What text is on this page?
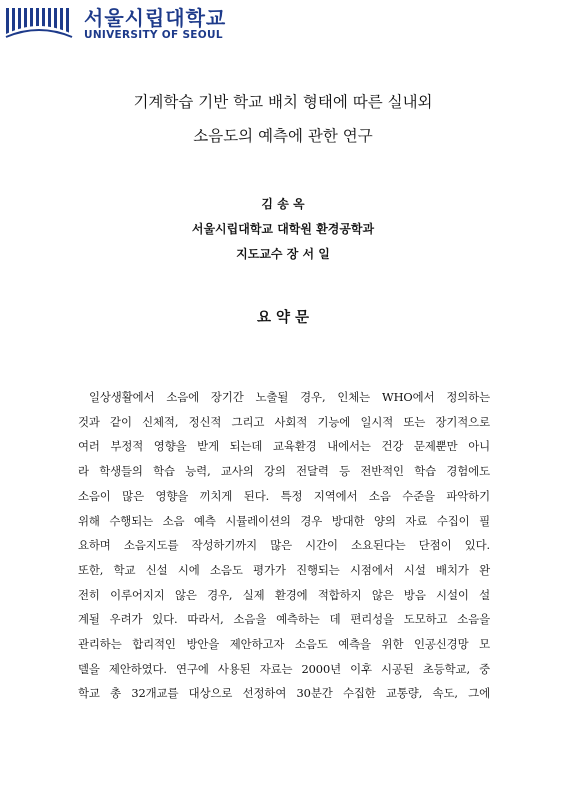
서울시립대학교
UNIVERSITY OF SEOUL
기계학습 기반 학교 배치 형태에 따른 실내외
소음도의 예측에 관한 연구
김 송 옥
서울시립대학교 대학원 환경공학과
지도교수 장 서 일
요 약 문
일상생활에서 소음에 장기간 노출될 경우, 인체는 WHO에서 정의하는
것과 같이 신체적, 정신적 그리고 사회적 기능에 일시적 또는 장기적으로
여러 부정적 영향을 받게 되는데 교육환경 내에서는 건강 문제뿐만 아니
라 학생들의 학습 능력, 교사의 강의 전달력 등 전반적인 학습 경험에도
소음이 많은 영향을 끼치게 된다. 특정 지역에서 소음 수준을 파악하기
위해 수행되는 소음 예측 시뮬레이션의 경우 방대한 양의 자료 수집이 필
요하며 소음지도를 작성하기까지 많은 시간이 소요된다는 단점이 있다.
또한, 학교 신설 시에 소음도 평가가 진행되는 시점에서 시설 배치가 완
전히 이루어지지 않은 경우, 실제 환경에 적합하지 않은 방음 시설이 설
계될 우려가 있다. 따라서, 소음을 예측하는 데 편리성을 도모하고 소음을
관리하는 합리적인 방안을 제안하고자 소음도 예측을 위한 인공신경망 모
델을 제안하였다. 연구에 사용된 자료는 2000년 이후 시공된 초등학교, 중
학교 총 32개교를 대상으로 선정하여 30분간 수집한 교통량, 속도, 그에
